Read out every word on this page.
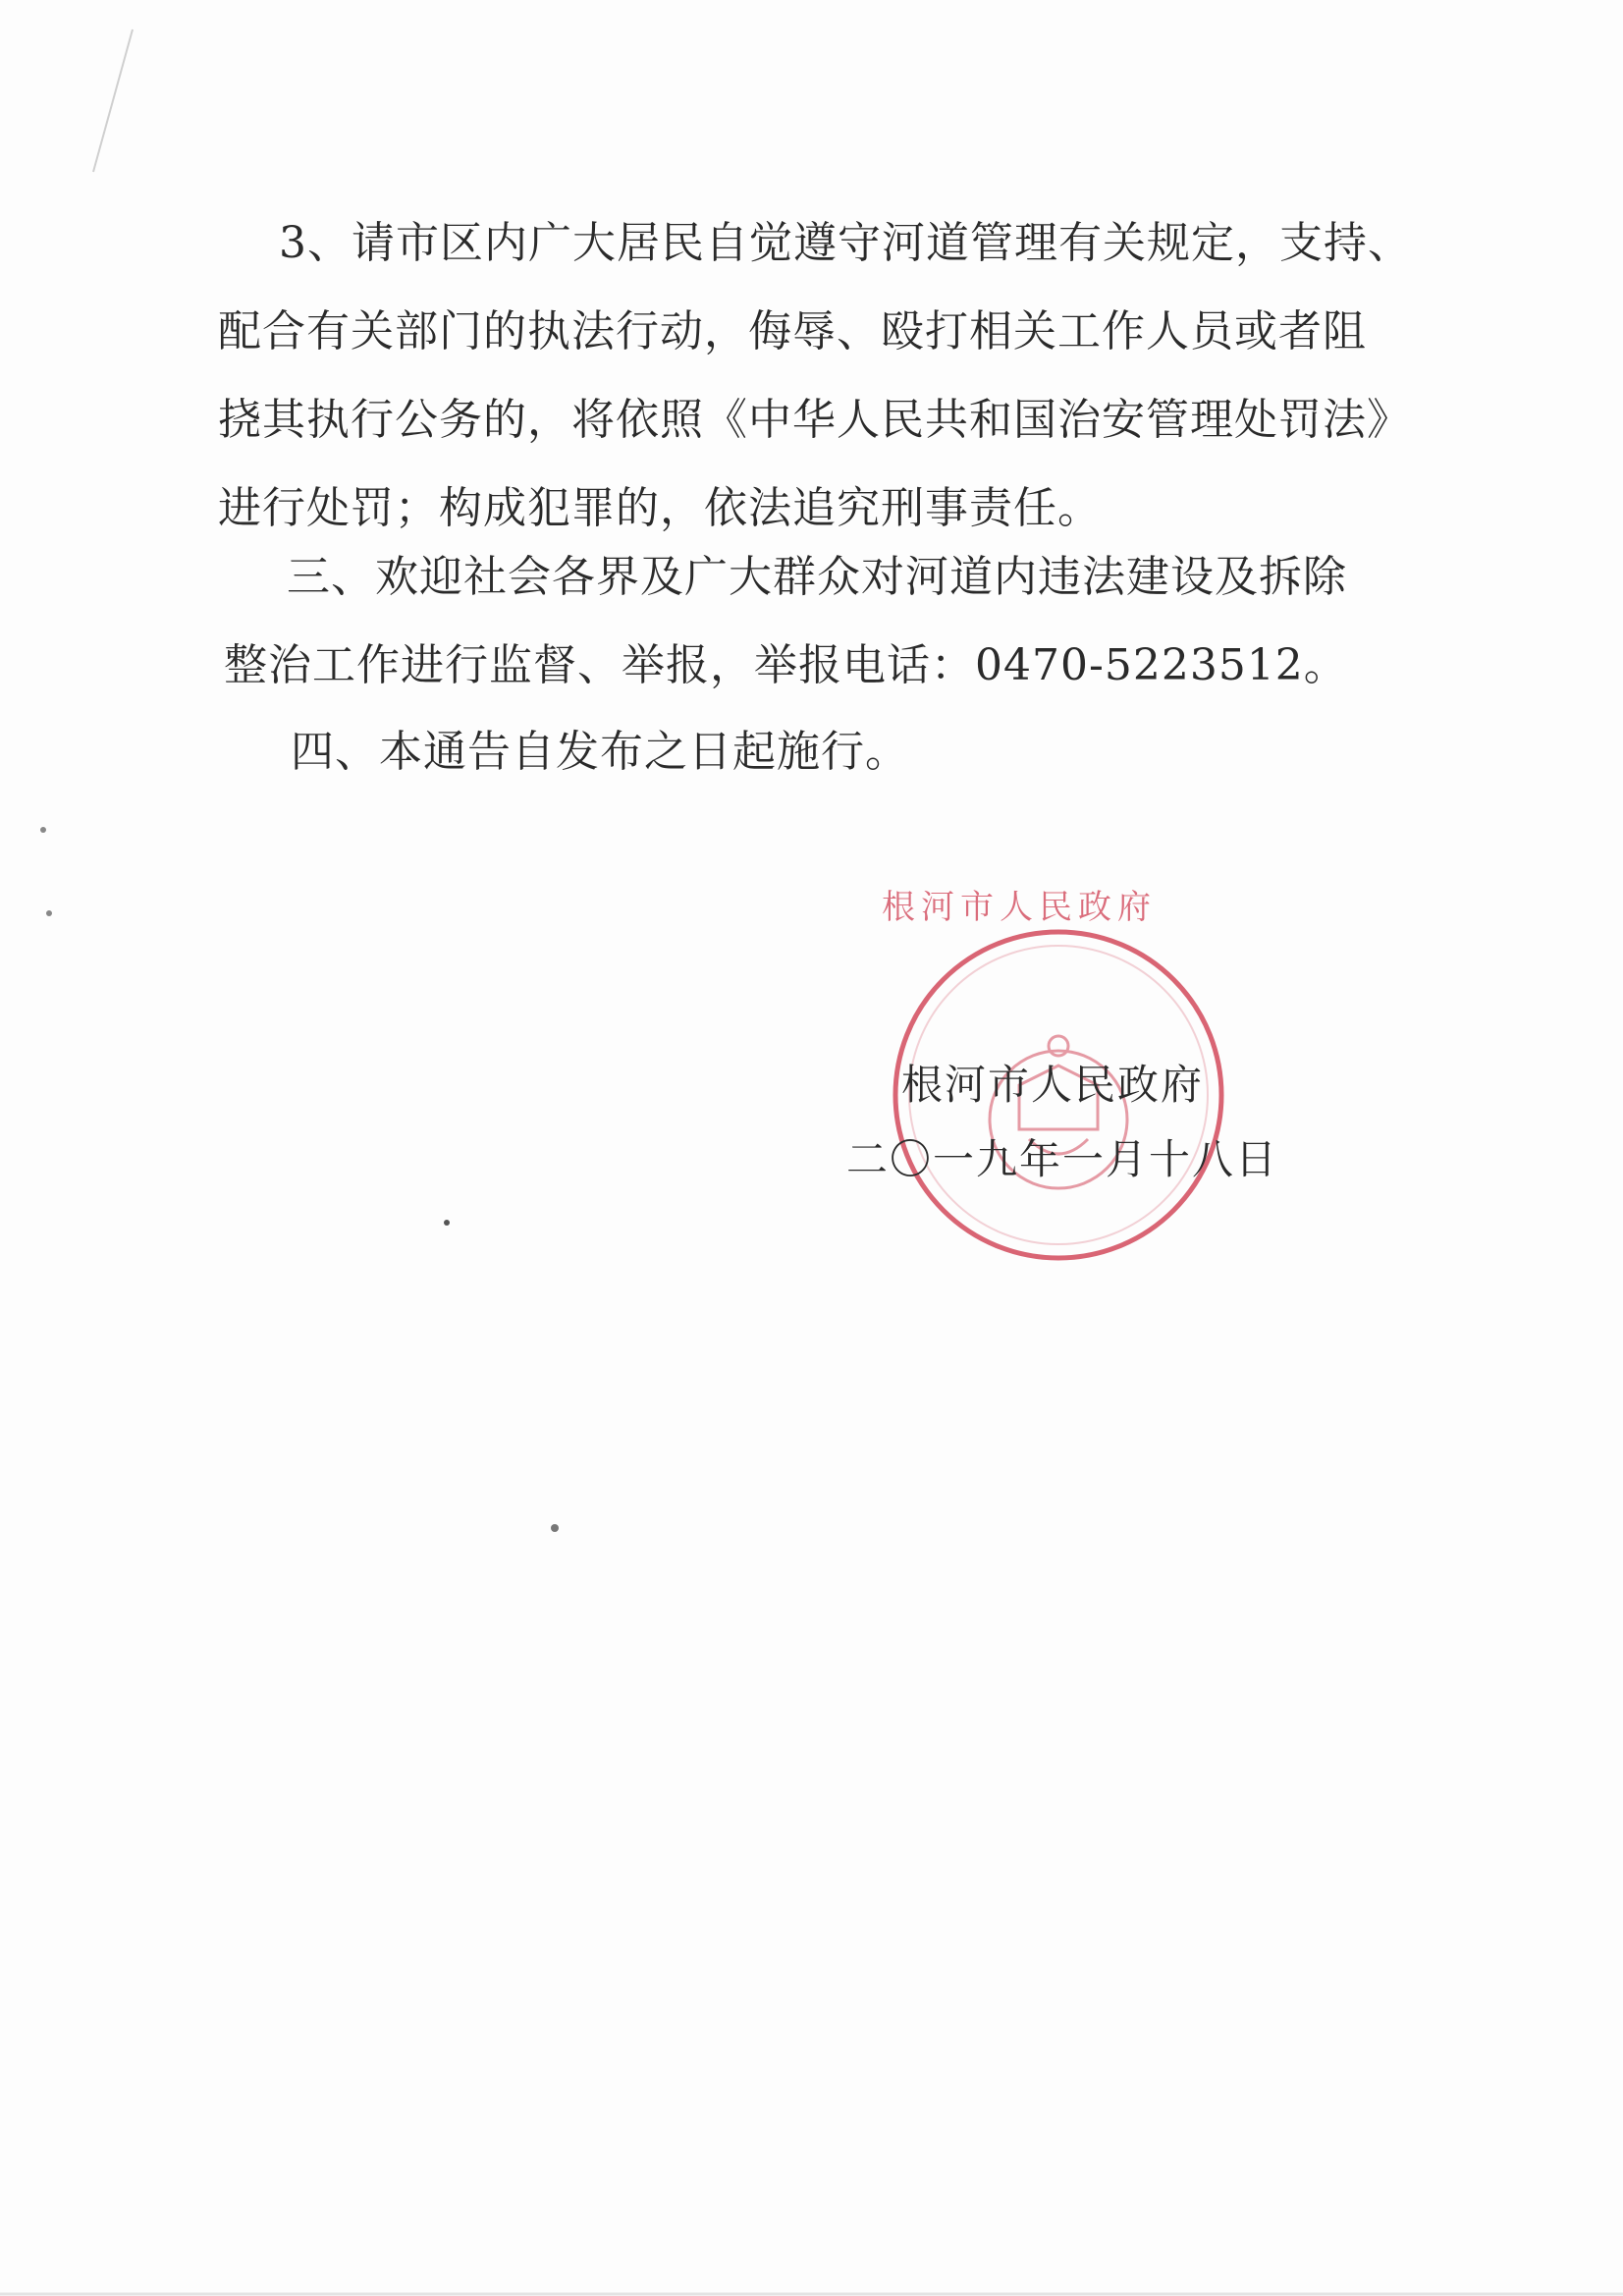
3、请市区内广大居民自觉遵守河道管理有关规定，支持、
配合有关部门的执法行动，侮辱、殴打相关工作人员或者阻
挠其执行公务的，将依照《中华人民共和国治安管理处罚法》
进行处罚；构成犯罪的，依法追究刑事责任。
三、欢迎社会各界及广大群众对河道内违法建设及拆除
整治工作进行监督、举报，举报电话：0470-5223512。
四、本通告自发布之日起施行。
根河市人民政府
根河市人民政府
二〇一九年一月十八日
